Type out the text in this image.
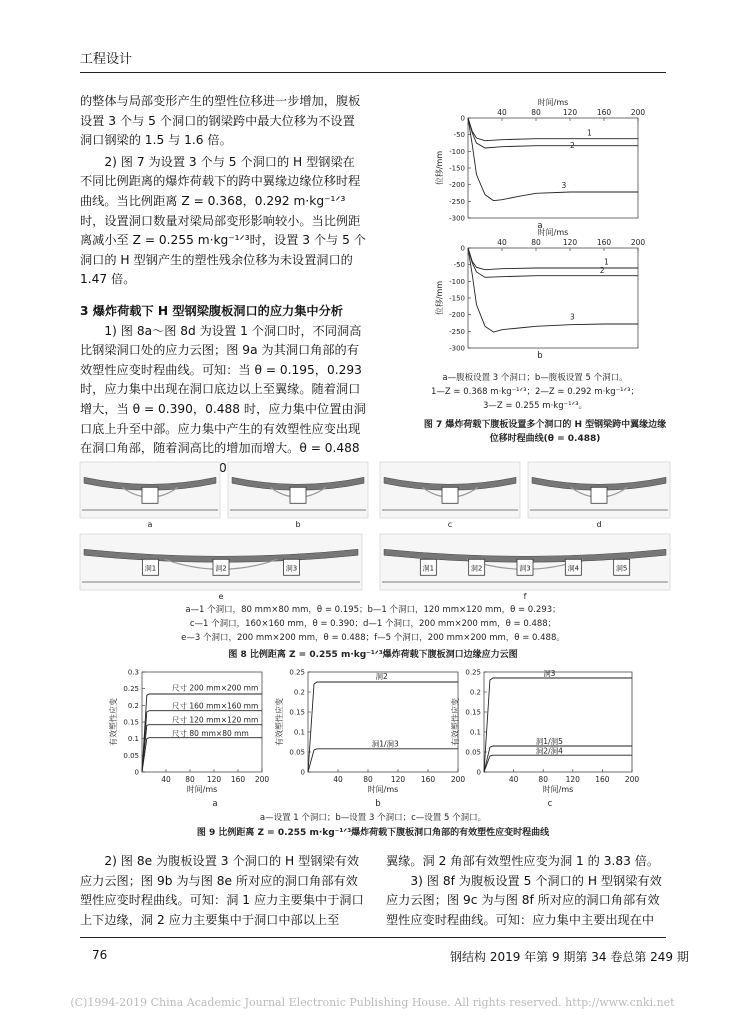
工程设计

的整体与局部变形产生的塑性位移进一步增加，腹板设置 3 个与 5 个洞口的钢梁跨中最大位移为不设置洞口钢梁的 1.5 与 1.6 倍。

2) 图 7 为设置 3 个与 5 个洞口的 H 型钢梁在不同比例距离的爆炸荷载下的跨中翼缘边缘位移时程曲线。当比例距离 Z = 0.368，0.292 m·kg⁻¹ᐟ³时，设置洞口数量对梁局部变形影响较小。当比例距离减小至 Z = 0.255 m·kg⁻¹ᐟ³时，设置 3 个与 5 个洞口的 H 型钢产生的塑性残余位移为未设置洞口的 1.47 倍。

3 爆炸荷载下 H 型钢梁腹板洞口的应力集中分析

1) 图 8a～图 8d 为设置 1 个洞口时，不同洞高比钢梁洞口处的应力云图；图 9a 为其洞口角部的有效塑性应变时程曲线。可知：当 θ = 0.195，0.293 时，应力集中出现在洞口底边以上至翼缘。随着洞口增大，当 θ = 0.390，0.488 时，应力集中位置由洞口底上升至中部。应力集中产生的有效塑性应变出现在洞口角部，随着洞高比的增加而增大。θ = 0.488

40	80	120	160	200
0
-50
-100
-150
-200
-250
-300
时间/ms
位移/mm
1
2
3
40	80	120	160	200
0
-50
-100
-150
-200
-250
-300
时间/ms
位移/mm
1
2
3
a
b
a—腹板设置 3 个洞口；b—腹板设置 5 个洞口。
1—Z = 0.368 m·kg⁻¹ᐟ³；2—Z = 0.292 m·kg⁻¹ᐟ³；
3—Z = 0.255 m·kg⁻¹ᐟ³。
图 7 爆炸荷载下腹板设置多个洞口的 H 型钢梁跨中翼缘边缘位移时程曲线(θ = 0.488)
a	b	c	d
洞1	洞2	洞3
e
洞1	洞2	洞3	洞4	洞5
f
a—1 个洞口，80 mm×80 mm，θ = 0.195；b—1 个洞口，120 mm×120 mm，θ = 0.293；
c—1 个洞口，160×160 mm，θ = 0.390；d—1 个洞口，200 mm×200 mm，θ = 0.488；
e—3 个洞口，200 mm×200 mm，θ = 0.488；f—5 个洞口，200 mm×200 mm，θ = 0.488。
图 8 比例距离 Z = 0.255 m·kg⁻¹ᐟ³爆炸荷载下腹板洞口边缘应力云图
40 80 120 160 200
0
0.05
0.1
0.15
0.2
0.25
0.3
时间/ms
有效塑性应变
尺寸 200 mm×200 mm
尺寸 160 mm×160 mm
尺寸 120 mm×120 mm
尺寸 80 mm×80 mm
40	80 120 160 200
0
0.05
0.1
0.15
0.2
0.25
时间/ms
有效塑性应变
洞2
洞1/洞3
40	80 120 160 200
0
0.05
0.1
0.15
0.2
0.25
时间/ms
有效塑性应变
洞3
洞1/洞5
洞2/洞4
a	b	c
a—设置 1 个洞口；b—设置 3 个洞口；c—设置 5 个洞口。
图 9 比例距离 Z = 0.255 m·kg⁻¹ᐟ³爆炸荷载下腹板洞口角部的有效塑性应变时程曲线

2) 图 8e 为腹板设置 3 个洞口的 H 型钢梁有效应力云图；图 9b 为与图 8e 所对应的洞口角部有效塑性应变时程曲线。可知：洞 1 应力主要集中于洞口上下边缘，洞 2 应力主要集中于洞口中部以上至

翼缘。洞 2 角部有效塑性应变为洞 1 的 3.83 倍。

3) 图 8f 为腹板设置 5 个洞口的 H 型钢梁有效应力云图；图 9c 为与图 8f 所对应的洞口角部有效塑性应变时程曲线。可知：应力集中主要出现在中

76	钢结构 2019 年第 9 期第 34 卷总第 249 期
(C)1994-2019 China Academic Journal Electronic Publishing House. All rights reserved. http://www.cnki.net
